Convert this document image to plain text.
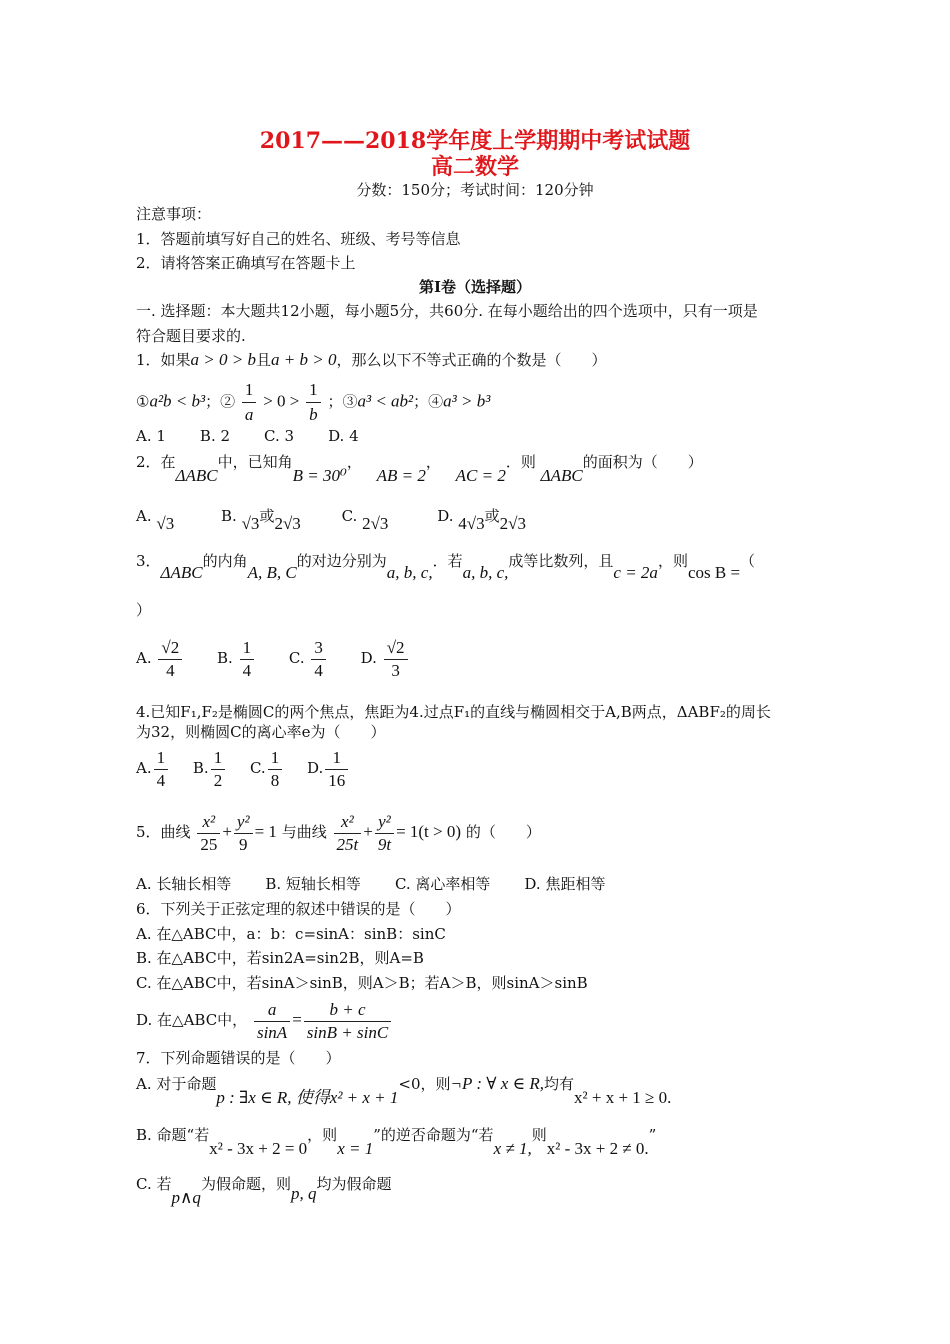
2017——2018学年度上学期期中考试试题
高二数学
分数：150分；考试时间：120分钟
注意事项：
1．答题前填写好自己的姓名、班级、考号等信息
2．请将答案正确填写在答题卡上
第Ⅰ卷（选择题）
一. 选择题：本大题共12小题，每小题5分，共60分. 在每小题给出的四个选项中，只有一项是
符合题目要求的.
1．如果a > 0 > b且a + b > 0，那么以下不等式正确的个数是（　　）
①a²b < b³；② $\frac{1}{a} > 0 > \frac{1}{b}$ ；③a³ < ab²；④a³ > b³
A. 1 B. 2 C. 3 D. 4
2．在ΔABC中，已知角B = 30⁰， AB = 2， AC = 2．则 ΔABC的面积为（　　）
A. √3	B. √3或2√3	C. 2√3	D. 4√3或2√3
3．ΔABC的内角A, B, C的对边分别为a, b, c,．若a, b, c,成等比数列，且c = 2a，则cos B =（
）
A. $\frac{√2}{4} B$. $\frac{1}{4} C$. $\frac{3}{4} D$. $\frac{√2}{3}$
4.已知F₁,F₂是椭圆C的两个焦点，焦距为4.过点F₁的直线与椭圆相交于A,B两点，ΔABF₂的周长
为32，则椭圆C的离心率e为（　　）
A. $\frac{1}{4} B$. $\frac{1}{2} C$. $\frac{1}{8} D$. $\frac{1}{16}$
5．曲线 $\frac{\text{x²}}{25} + \frac{\text{y²}}{9} = 1$ 与曲线 $\frac{\text{x²}}{25t} + \frac{\text{y²}}{9t} = 1(t > 0)$ 的（　　）
A. 长轴长相等 B. 短轴长相等 C. 离心率相等 D. 焦距相等
6．下列关于正弦定理的叙述中错误的是（　　）
A. 在△ABC中，a：b：c=sinA：sinB：sinC
B. 在△ABC中，若sin2A=sin2B，则A=B
C. 在△ABC中，若sinA＞sinB，则A＞B；若A＞B，则sinA＞sinB
D. 在△ABC中， $\frac{a}{\sin A} = \frac{b + c}{\sin B + \sin C}$
7．下列命题错误的是（　　）
A. 对于命题p : ∃x ∈ R, 使得x² + x + 1<0，则¬P : ∀ x ∈ R,均有x² + x + 1 ≥ 0.
B. 命题“若x² - 3x + 2 = 0，则x = 1”的逆否命题为“若x ≠ 1,则x² - 3x + 2 ≠ 0.”
C. 若p∧q为假命题，则p, q均为假命题
